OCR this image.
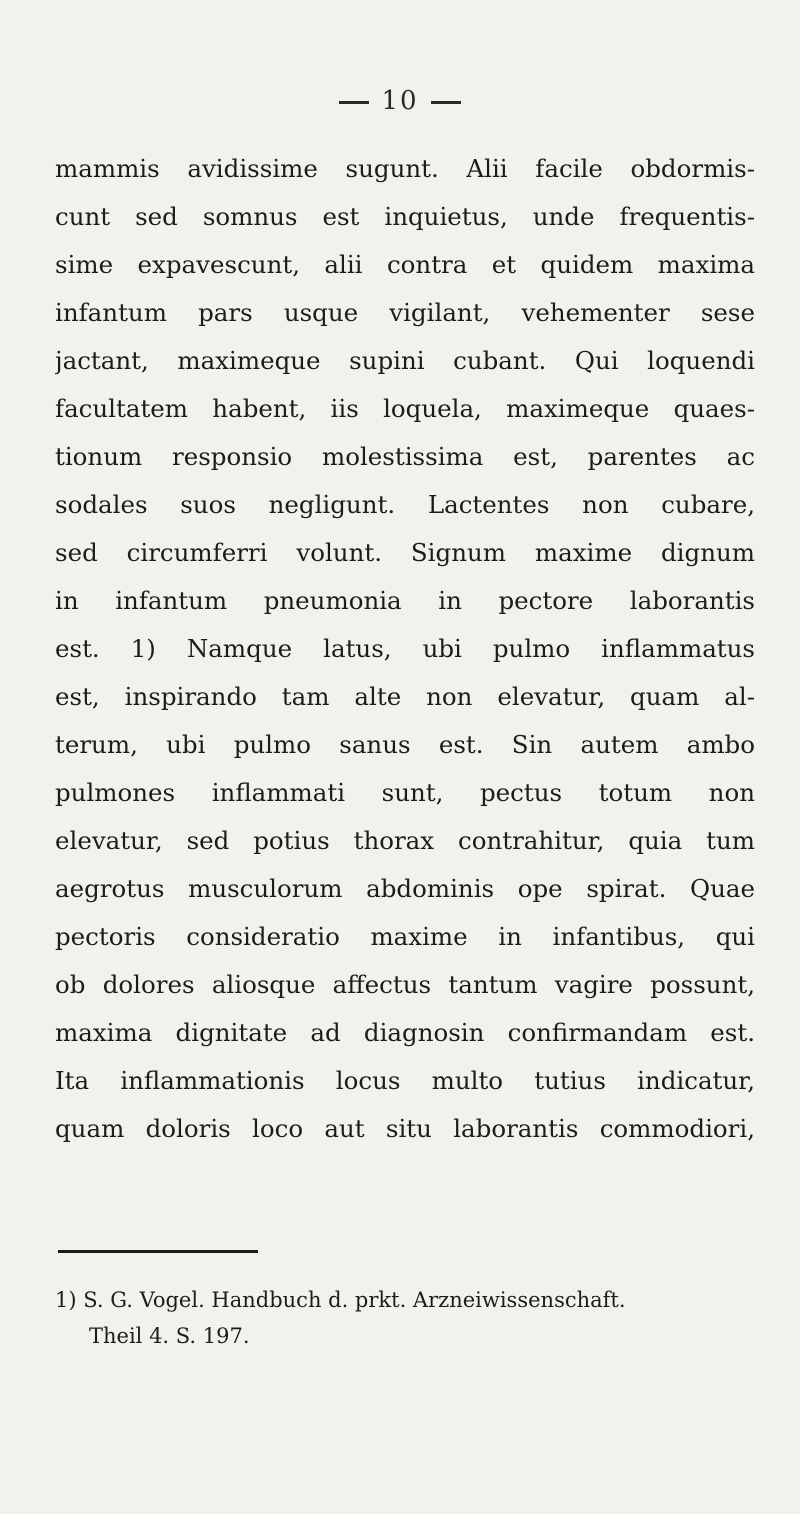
10
mammis avidissime sugunt. Alii facile obdormis-
cunt sed somnus est inquietus, unde frequentis-
sime expavescunt, alii contra et quidem maxima
infantum pars usque vigilant, vehementer sese
jactant, maximeque supini cubant. Qui loquendi
facultatem habent, iis loquela, maximeque quaes-
tionum responsio molestissima est, parentes ac
sodales suos negligunt. Lactentes non cubare,
sed circumferri volunt. Signum maxime dignum
in infantum pneumonia in pectore laborantis
est. 1) Namque latus, ubi pulmo inflammatus
est, inspirando tam alte non elevatur, quam al-
terum, ubi pulmo sanus est. Sin autem ambo
pulmones inflammati sunt, pectus totum non
elevatur, sed potius thorax contrahitur, quia tum
aegrotus musculorum abdominis ope spirat. Quae
pectoris consideratio maxime in infantibus, qui
ob dolores aliosque affectus tantum vagire possunt,
maxima dignitate ad diagnosin confirmandam est.
Ita inflammationis locus multo tutius indicatur,
quam doloris loco aut situ laborantis commodiori,
1) S. G. Vogel. Handbuch d. prkt. Arzneiwissenschaft.
Theil 4. S. 197.
